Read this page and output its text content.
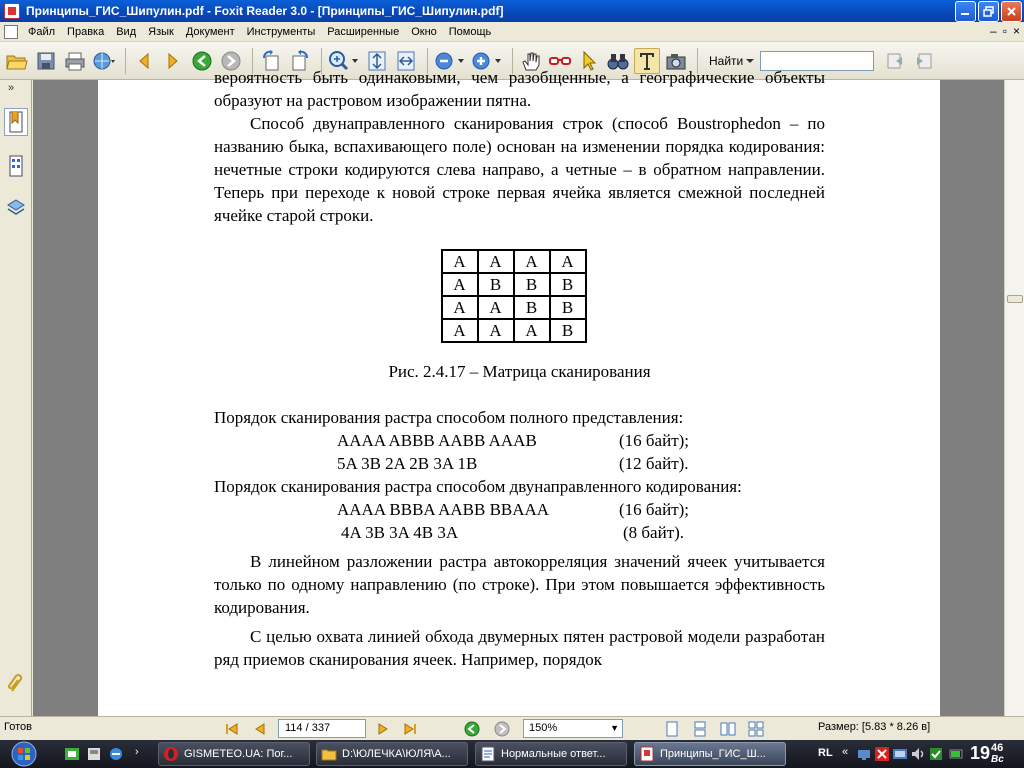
Принципы_ГИС_Шипулин.pdf - Foxit Reader 3.0 - [Принципы_ГИС_Шипулин.pdf]
Файл	Правка	Вид	Язык	Документ	Инструменты	Расширенные	Окно	Помощь	– ▫ ×
Найти
»

вероятность быть одинаковыми, чем разобщенные, а географические объекты образуют на растровом изображении пятна.

Способ двунаправленного сканирования строк (способ Boustrophedon – по названию быка, вспахивающего поле) основан на изменении порядка кодирования: нечетные строки кодируются слева направо, а четные – в обратном направлении. Теперь при переходе к новой строке первая ячейка является смежной последней ячейке старой строки.

A	A	A	A
A	B	B	B
A	A	B	B
A	A	A	B

Рис. 2.4.17 – Матрица сканирования

Порядок сканирования растра способом полного представления:

AAAA ABBB AABB AAAB	(16 байт);
5A 3B 2A 2B 3A 1B	(12 байт).

Порядок сканирования растра способом двунаправленного кодирования:

AAAA BBBA AABB BBAAA	(16 байт);
4A 3B 3A 4B 3A	(8 байт).

В линейном разложении растра автокорреляция значений ячеек учитывается только по одному направлению (по строке). При этом повышается эффективность кодирования.

С целью охвата линией обхода двумерных пятен растровой модели разработан ряд приемов сканирования ячеек. Например, порядок

Готов	114 / 337	150%	▼	Размер: [5.83 * 8.26 в]
›	GISMETEO.UA: Пог...	D:\ЮЛЕЧКА\ЮЛЯ\А...	Нормальные ответ...	Принципы_ГИС_Ш...	RL «	19 46
Вс
